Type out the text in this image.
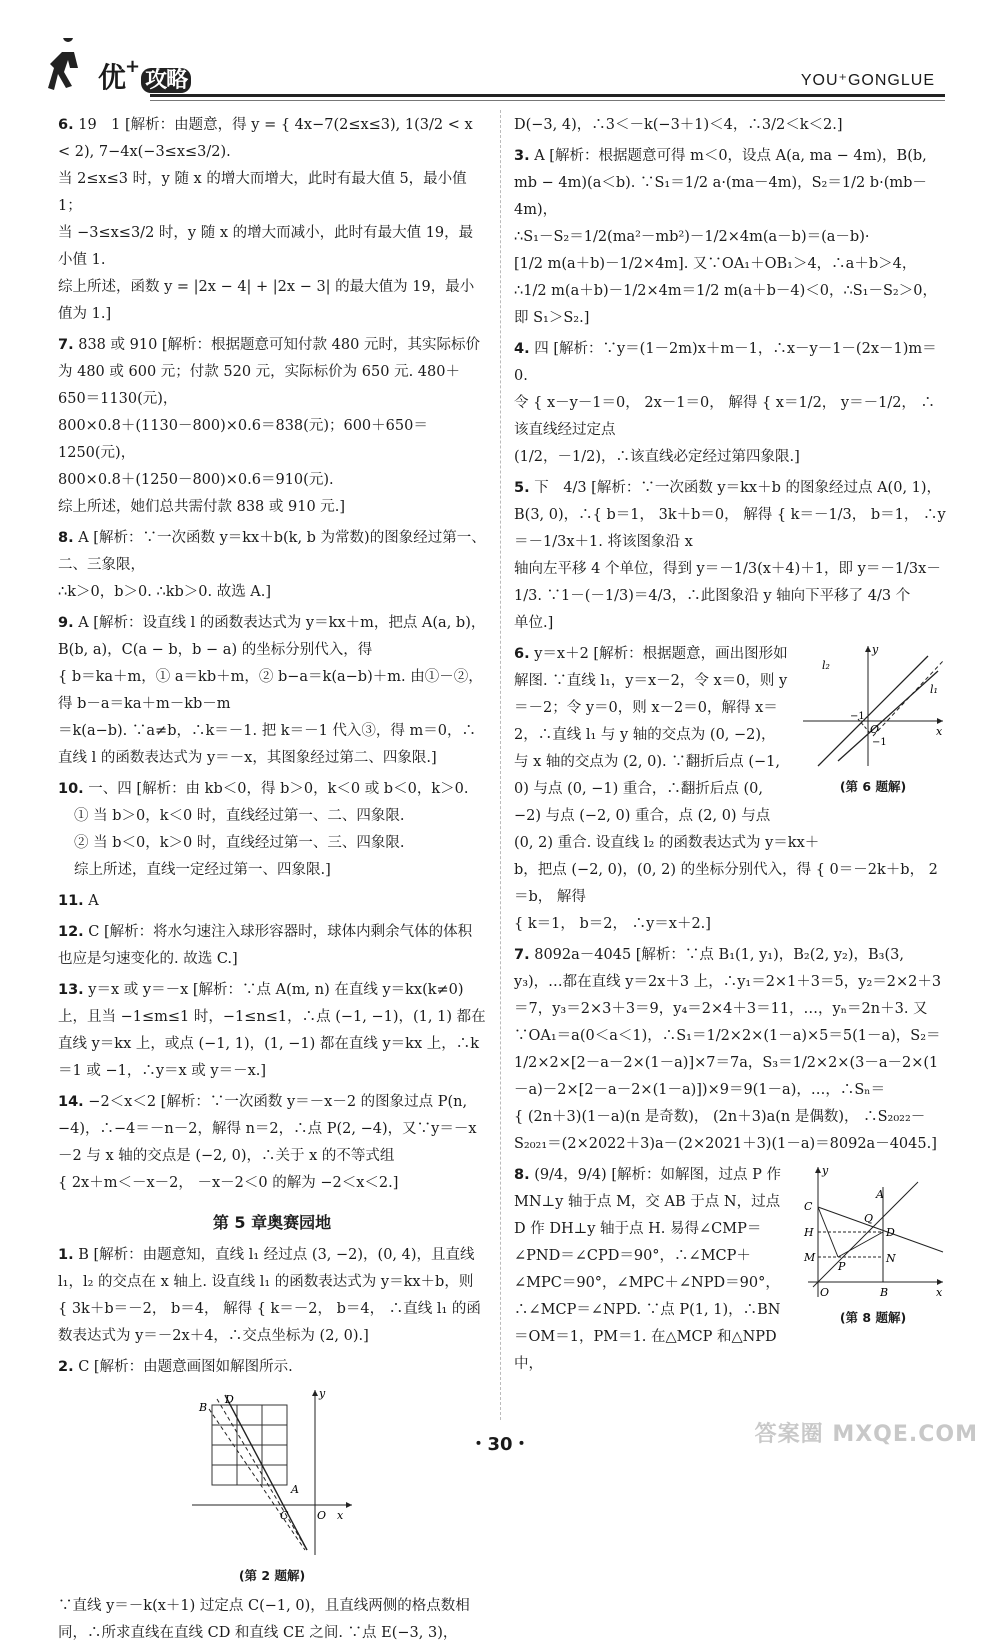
优+攻略	YOU⁺GONGLUE
6. 19　1 [解析：由题意，得 y = { 4x−7(2≤x≤3), 1(3/2 < x < 2), 7−4x(−3≤x≤3/2).
当 2≤x≤3 时，y 随 x 的增大而增大，此时有最大值 5，最小值 1；
当 −3≤x≤3/2 时，y 随 x 的增大而减小，此时有最大值 19，最小值 1.
综上所述，函数 y = |2x − 4| + |2x − 3| 的最大值为 19，最小值为 1.]
7. 838 或 910 [解析：根据题意可知付款 480 元时，其实际标价为 480 或 600 元；付款 520 元，实际标价为 650 元. 480＋650＝1130(元)，
800×0.8＋(1130－800)×0.6＝838(元)；600＋650＝1250(元)，
800×0.8＋(1250－800)×0.6＝910(元).
综上所述，她们总共需付款 838 或 910 元.]
8. A [解析：∵一次函数 y＝kx＋b(k, b 为常数)的图象经过第一、二、三象限，
∴k＞0，b＞0. ∴kb＞0. 故选 A.]
9. A [解析：设直线 l 的函数表达式为 y＝kx＋m，把点 A(a, b)，B(b, a)，C(a − b，b − a) 的坐标分别代入，得
{ b＝ka＋m，① a＝kb＋m，② b−a＝k(a−b)＋m. 由①－②，得 b－a＝ka＋m－kb－m
＝k(a−b). ∵a≠b，∴k＝－1. 把 k＝－1 代入③，得 m＝0，∴直线 l 的函数表达式为 y＝－x，其图象经过第二、四象限.]
10. 一、四 [解析：由 kb＜0，得 b＞0，k＜0 或 b＜0，k＞0.
① 当 b＞0，k＜0 时，直线经过第一、二、四象限.
② 当 b＜0，k＞0 时，直线经过第一、三、四象限.
综上所述，直线一定经过第一、四象限.]
11. A
12. C [解析：将水匀速注入球形容器时，球体内剩余气体的体积也应是匀速变化的. 故选 C.]
13. y＝x 或 y＝－x [解析：∵点 A(m, n) 在直线 y＝kx(k≠0) 上，且当 −1≤m≤1 时，−1≤n≤1，∴点 (−1, −1)，(1, 1) 都在直线 y＝kx 上，或点 (−1, 1)，(1, −1) 都在直线 y＝kx 上，∴k＝1 或 −1，∴y＝x 或 y＝－x.]
14. −2＜x＜2 [解析：∵一次函数 y＝－x－2 的图象过点 P(n, −4)，∴−4＝－n－2，解得 n＝2，∴点 P(2, −4)，又∵y＝－x－2 与 x 轴的交点是 (−2, 0)，∴关于 x 的不等式组
{ 2x＋m＜－x－2， －x－2＜0 的解为 −2＜x＜2.]
第 5 章奥赛园地
1. B [解析：由题意知，直线 l₁ 经过点 (3, −2)，(0, 4)，且直线 l₁，l₂ 的交点在 x 轴上. 设直线 l₁ 的函数表达式为 y＝kx＋b，则
{ 3k＋b＝－2， b＝4， 解得 { k＝－2， b＝4， ∴直线 l₁ 的函数表达式为 y＝－2x＋4，∴交点坐标为 (2, 0).]
2. C [解析：由题意画图如解图所示.
D
B
A
C	O x
y
(第 2 题解)
∵直线 y＝－k(x＋1) 过定点 C(−1, 0)，且直线两侧的格点数相同，∴所求直线在直线 CD 和直线 CE 之间. ∵点 E(−3, 3)，
D(−3, 4)，∴3＜－k(−3＋1)＜4，∴3/2＜k＜2.]
3. A [解析：根据题意可得 m＜0，设点 A(a, ma − 4m)，B(b, mb − 4m)(a＜b). ∵S₁＝1/2 a·(ma－4m)，S₂＝1/2 b·(mb－4m)，
∴S₁－S₂＝1/2(ma²－mb²)－1/2×4m(a－b)＝(a－b)·
[1/2 m(a＋b)－1/2×4m]. 又∵OA₁＋OB₁＞4，∴a＋b＞4，
∴1/2 m(a＋b)－1/2×4m＝1/2 m(a＋b－4)＜0，∴S₁－S₂＞0，
即 S₁＞S₂.]
4. 四 [解析：∵y＝(1－2m)x＋m－1，∴x－y－1－(2x－1)m＝0.
令 { x－y－1＝0， 2x－1＝0， 解得 { x＝1/2， y＝－1/2， ∴该直线经过定点
(1/2，－1/2)，∴该直线必定经过第四象限.]
5. 下　4/3 [解析：∵一次函数 y＝kx＋b 的图象经过点 A(0, 1)，B(3, 0)，∴{ b＝1， 3k＋b＝0， 解得 { k＝－1/3， b＝1， ∴y＝－1/3x＋1. 将该图象沿 x
轴向左平移 4 个单位，得到 y＝－1/3(x＋4)＋1，即 y＝－1/3x－
1/3. ∵1－(－1/3)＝4/3，∴此图象沿 y 轴向下平移了 4/3 个
单位.]
l₂
l₁
−1
O
−1
x
y
(第 6 题解)
6. y＝x＋2 [解析：根据题意，画出图形如解图. ∵直线 l₁，y＝x－2，令 x＝0，则 y＝－2；令 y＝0，则 x－2＝0，解得 x＝2，∴直线 l₁ 与 y 轴的交点为 (0, −2)，与 x 轴的交点为 (2, 0). ∵翻折后点 (−1, 0) 与点 (0, −1) 重合，∴翻折后点 (0, −2) 与点 (−2, 0) 重合，点 (2, 0) 与点 (0, 2) 重合. 设直线 l₂ 的函数表达式为 y＝kx＋
b，把点 (−2, 0)，(0, 2) 的坐标分别代入，得 { 0＝－2k＋b， 2＝b， 解得
{ k＝1， b＝2， ∴y＝x＋2.]
7. 8092a－4045 [解析：∵点 B₁(1, y₁)，B₂(2, y₂)，B₃(3, y₃)，…都在直线 y＝2x＋3 上，∴y₁＝2×1＋3＝5，y₂＝2×2＋3＝7，y₃＝2×3＋3＝9，y₄＝2×4＋3＝11，…，yₙ＝2n＋3. 又∵OA₁＝a(0＜a＜1)，∴S₁＝1/2×2×(1－a)×5＝5(1－a)，S₂＝1/2×2×[2－a－2×(1－a)]×7＝7a，S₃＝1/2×2×(3－a－2×(1－a)－2×[2－a－2×(1－a)])×9＝9(1－a)，…，∴Sₙ＝
{ (2n＋3)(1－a)(n 是奇数)， (2n＋3)a(n 是偶数)， ∴S₂₀₂₂－S₂₀₂₁＝(2×2022＋3)a－(2×2021＋3)(1－a)＝8092a－4045.]
C
H
M
P
A
Q
D
N
O	B	x
y
(第 8 题解)
8. (9/4，9/4) [解析：如解图，过点 P 作 MN⊥y 轴于点 M，交 AB 于点 N，过点 D 作 DH⊥y 轴于点 H. 易得∠CMP＝∠PND＝∠CPD＝90°，∴∠MCP＋∠MPC＝90°，∠MPC＋∠NPD＝90°，∴∠MCP＝∠NPD. ∵点 P(1, 1)，∴BN＝OM＝1，PM＝1. 在△MCP 和△NPD 中，
・30・	答案圈 MXQE.COM
